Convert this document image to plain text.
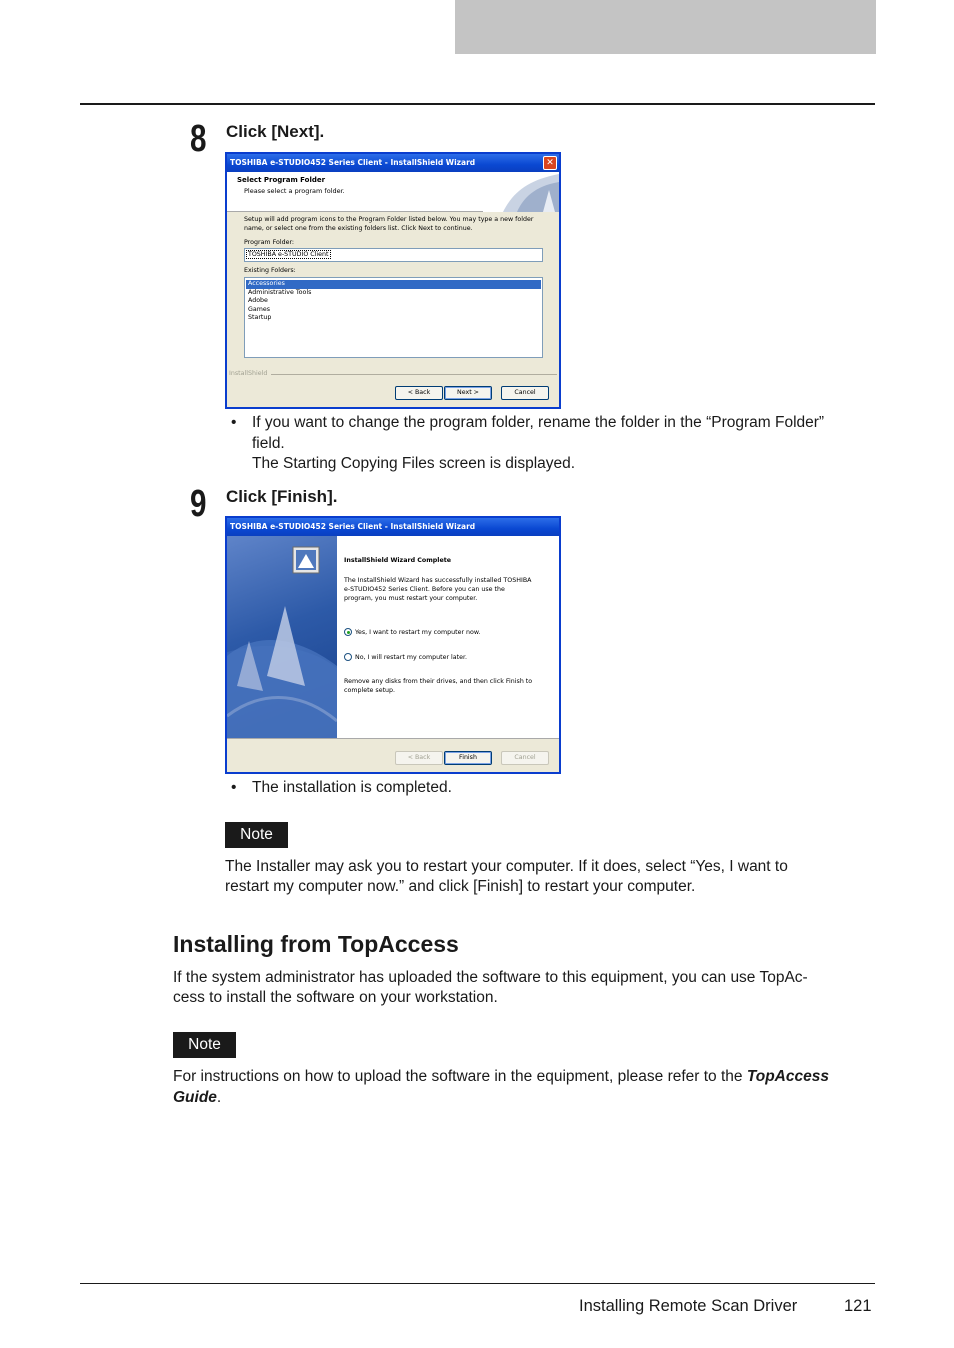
8 Click [Next].
TOSHIBA e-STUDIO452 Series Client - InstallShield Wizard	✕
Select Program Folder
Please select a program folder.
Setup will add program icons to the Program Folder listed below. You may type a new folder
name, or select one from the existing folders list. Click Next to continue.
Program Folder:
TOSHIBA e-STUDIO Client
Existing Folders:
Accessories
Administrative Tools
Adobe
Games
Startup
InstallShield
< Back	Next >	Cancel
• If you want to change the program folder, rename the folder in the “Program Folder”
field.
The Starting Copying Files screen is displayed.
9 Click [Finish].
TOSHIBA e-STUDIO452 Series Client - InstallShield Wizard
InstallShield Wizard Complete
The InstallShield Wizard has successfully installed TOSHIBA
e-STUDIO452 Series Client. Before you can use the
program, you must restart your computer.
Yes, I want to restart my computer now.
No, I will restart my computer later.
Remove any disks from their drives, and then click Finish to
complete setup.
< Back	Finish	Cancel
• The installation is completed.
Note
The Installer may ask you to restart your computer. If it does, select “Yes, I want to
restart my computer now.” and click [Finish] to restart your computer.
Installing from TopAccess
If the system administrator has uploaded the software to this equipment, you can use TopAc-
cess to install the software on your workstation.
Note
For instructions on how to upload the software in the equipment, please refer to the TopAccess
Guide.
Installing Remote Scan Driver	121
